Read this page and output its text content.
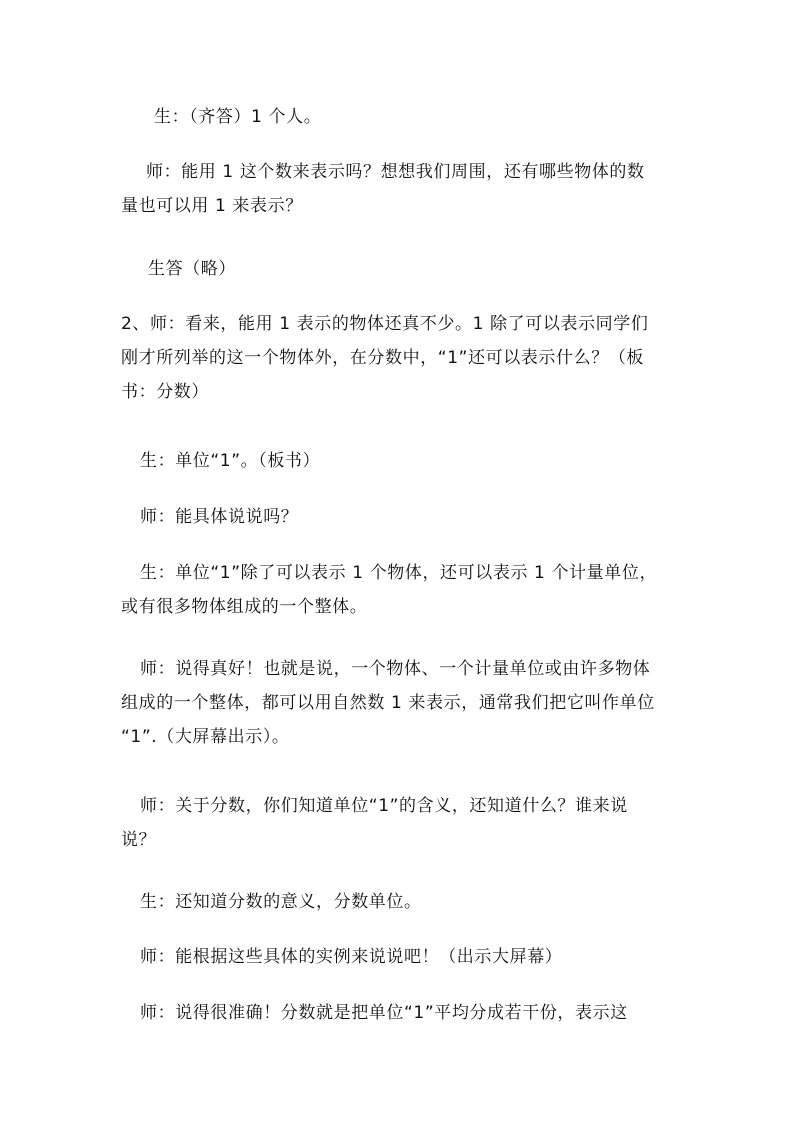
生：（齐答）1 个人。
师：能用 1 这个数来表示吗？想想我们周围，还有哪些物体的数
量也可以用 1 来表示？
生答（略）
2、师：看来，能用 1 表示的物体还真不少。1 除了可以表示同学们
刚才所列举的这一个物体外，在分数中，“1”还可以表示什么？（板
书：分数）
生：单位“1”。（板书）
师：能具体说说吗？
生：单位“1”除了可以表示 1 个物体，还可以表示 1 个计量单位，
或有很多物体组成的一个整体。
师：说得真好！也就是说，一个物体、一个计量单位或由许多物体
组成的一个整体，都可以用自然数 1 来表示，通常我们把它叫作单位
“1”.（大屏幕出示）。
师：关于分数，你们知道单位“1”的含义，还知道什么？谁来说
说？
生：还知道分数的意义，分数单位。
师：能根据这些具体的实例来说说吧！（出示大屏幕）
师：说得很准确！分数就是把单位“1”平均分成若干份，表示这
